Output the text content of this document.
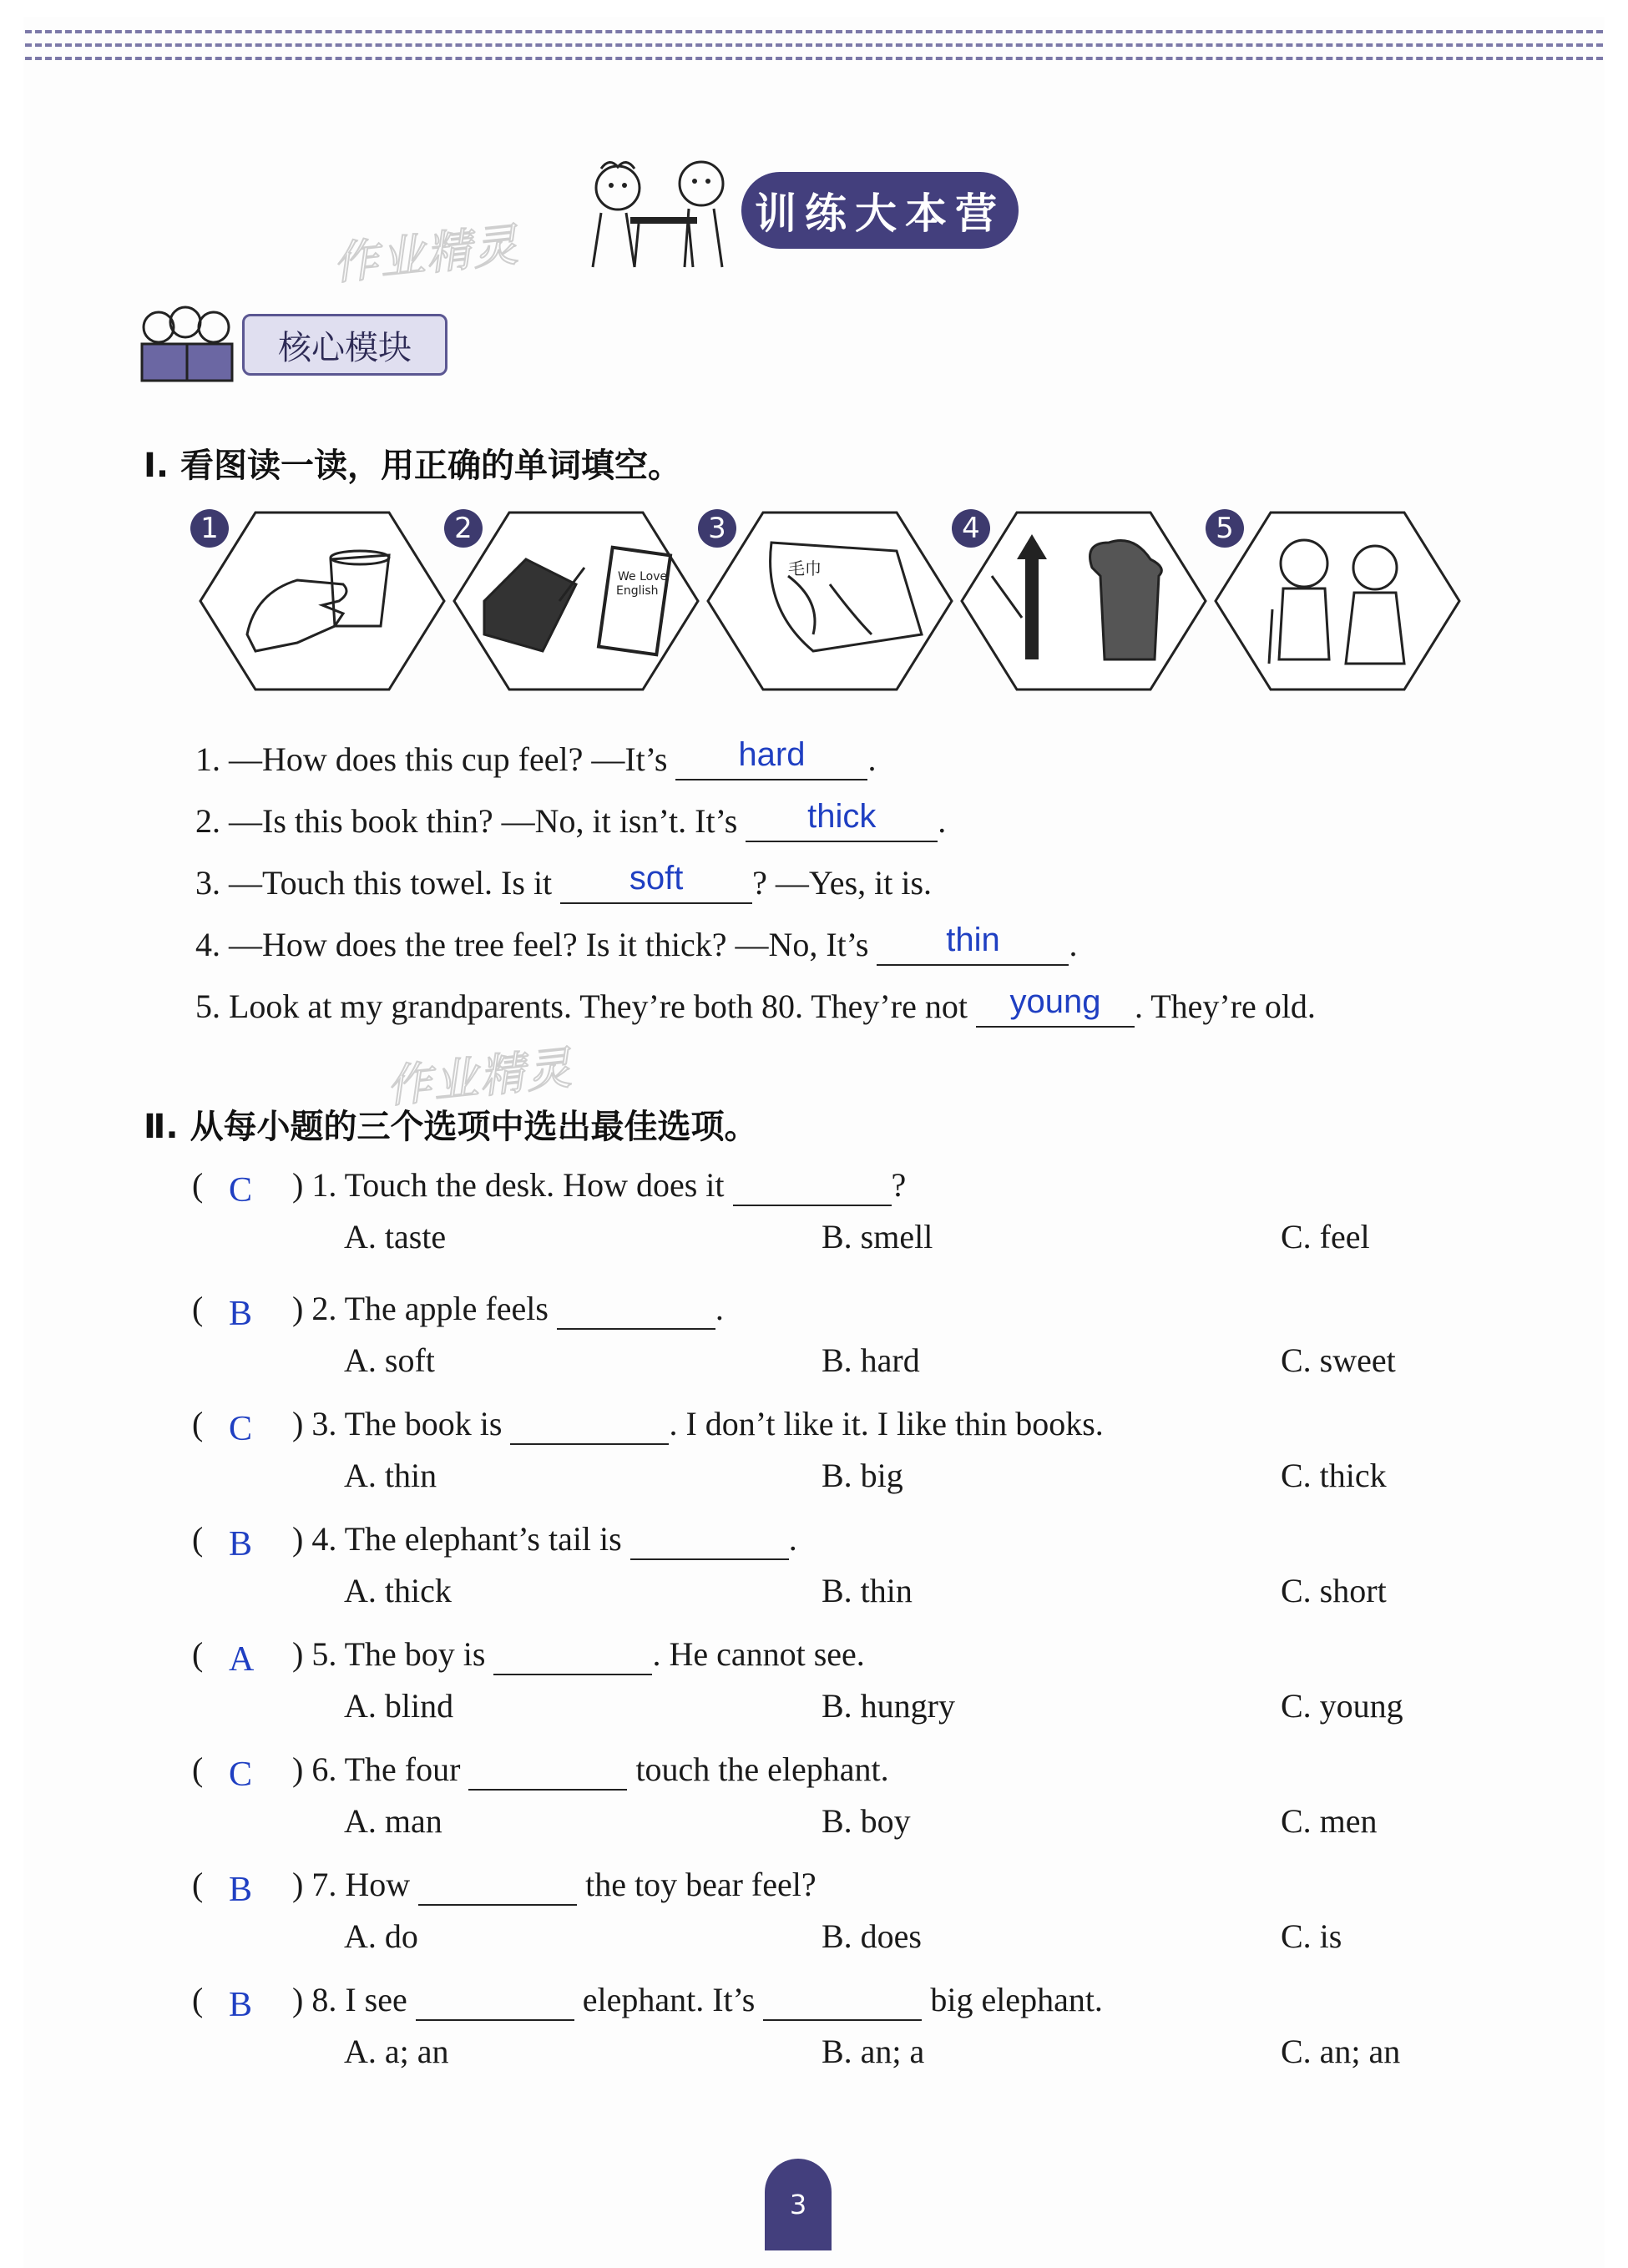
训练大本营
作业精灵
作业精灵
核心模块
Ⅰ. 看图读一读，用正确的单词填空。
1
We Love
English
2
毛巾
3	4	5
1. —How does this cup feel? —It’s	hard	.
2. —Is this book thin? —No, it isn’t. It’s	thick	.
3. —Touch this towel. Is it	soft	? —Yes, it is.
4. —How does the tree feel? Is it thick? —No, It’s	thin	.
5. Look at my grandparents. They’re both 80. They’re not	young	. They’re old.
Ⅱ. 从每小题的三个选项中选出最佳选项。
( C ) 1. Touch the desk. How does it	?
A. taste	B. smell	C. feel
( B ) 2. The apple feels	.
A. soft	B. hard	C. sweet
( C ) 3. The book is	. I don’t like it. I like thin books.
A. thin	B. big	C. thick
( B ) 4. The elephant’s tail is	.
A. thick	B. thin	C. short
( A ) 5. The boy is	. He cannot see.
A. blind	B. hungry	C. young
( C ) 6. The four	touch the elephant.
A. man	B. boy	C. men
( B ) 7. How	the toy bear feel?
A. do	B. does	C. is
( B ) 8. I see	elephant. It’s	big elephant.
A. a; an	B. an; a	C. an; an
3
